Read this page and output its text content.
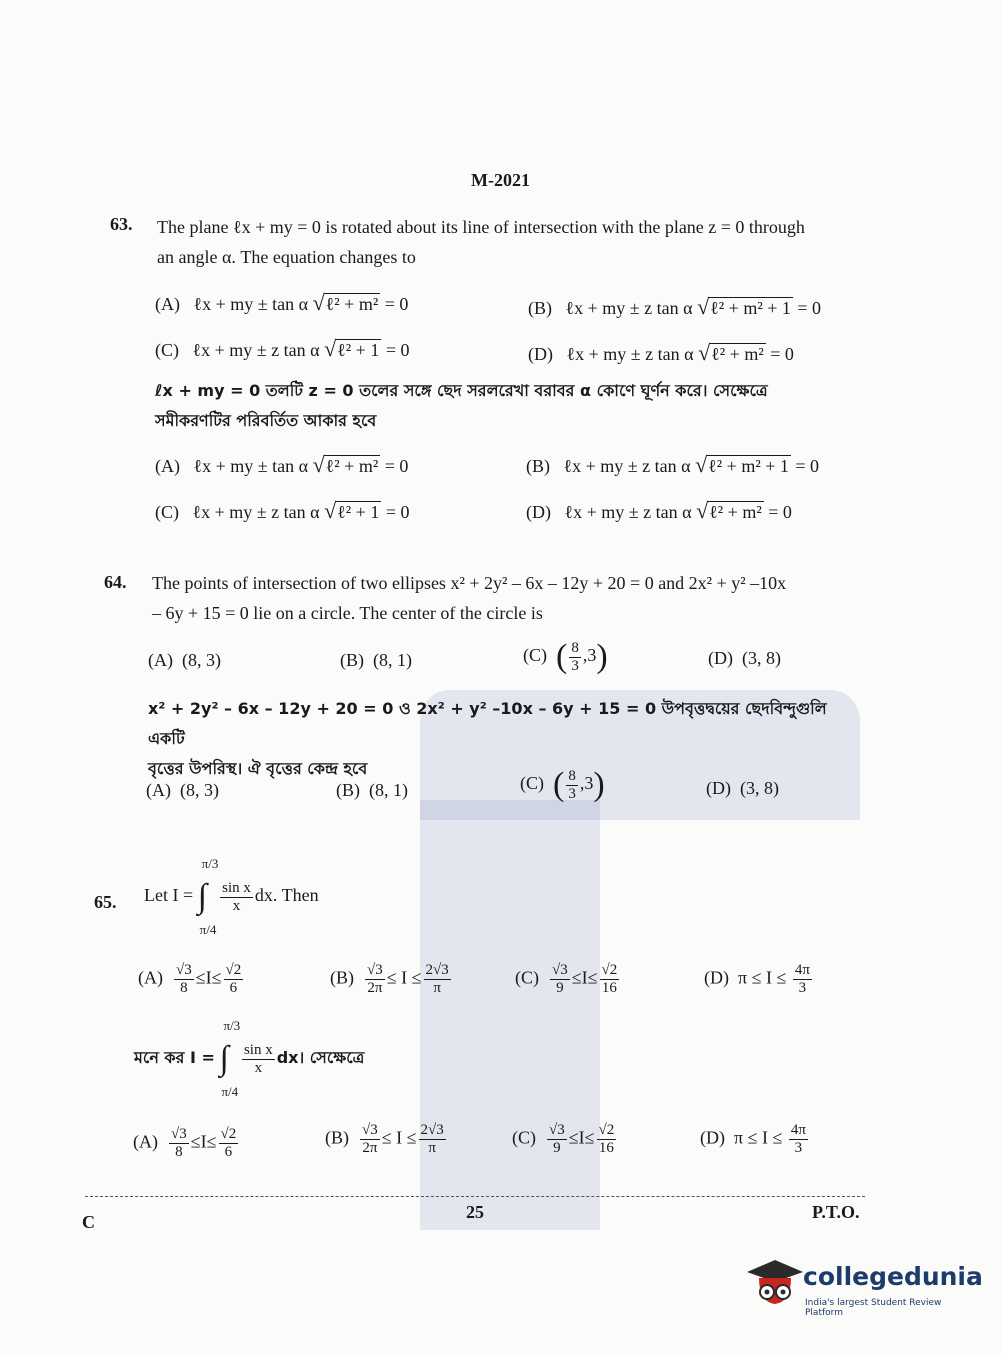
M-2021
63. The plane ℓx + my = 0 is rotated about its line of intersection with the plane z = 0 through
an angle α. The equation changes to
(A) ℓx + my ± tan α √ℓ² + m² = 0	(B) ℓx + my ± z tan α √ℓ² + m² + 1 = 0
(C) ℓx + my ± z tan α √ℓ² + 1 = 0	(D) ℓx + my ± z tan α √ℓ² + m² = 0
ℓx + my = 0 তলটি z = 0 তলের সঙ্গে ছেদ সরলরেখা বরাবর α কোণে ঘূর্ণন করে। সেক্ষেত্রে
সমীকরণটির পরিবর্তিত আকার হবে
(A) ℓx + my ± tan α √ℓ² + m² = 0	(B) ℓx + my ± z tan α √ℓ² + m² + 1 = 0
(C) ℓx + my ± z tan α √ℓ² + 1 = 0	(D) ℓx + my ± z tan α √ℓ² + m² = 0
64. The points of intersection of two ellipses x² + 2y² – 6x – 12y + 20 = 0 and 2x² + y² –10x
– 6y + 15 = 0 lie on a circle. The center of the circle is
(A) (8, 3)	(B) (8, 1)	(C) ( $\frac{8}{3} ,3$)	(D) (3, 8)
x² + 2y² – 6x – 12y + 20 = 0 ও 2x² + y² –10x – 6y + 15 = 0 উপবৃত্তদ্বয়ের ছেদবিন্দুগুলি একটি
বৃত্তের উপরিস্থ। ঐ বৃত্তের কেন্দ্র হবে
(A) (8, 3)	(B) (8, 1)	(C) ( $\frac{8}{3} ,3$)	(D) (3, 8)
65. Let I = ∫
π/3
π/4

$\frac{\text{sin x}}{x}$ dx. Then
$(A) \frac{√3}{8} \le I\le \frac{√2}{6}$	$(B) \frac{√3}{2\pi} \le I \le \frac{2√3}{\pi}$	$(C) \frac{√3}{9} \le I\le \frac{√2}{16}$	(D) $\pi \le I \le \frac{4\pi}{3}$
মনে কর I = ∫
π/3
π/4

$\frac{\text{sin x}}{x}$ dx। সেক্ষেত্রে
$(A) \frac{√3}{8} \le I\le \frac{√2}{6}$	$(B) \frac{√3}{2\pi} \le I \le \frac{2√3}{\pi}$	$(C) \frac{√3}{9} \le I\le \frac{√2}{16}$	(D) $\pi \le I \le \frac{4\pi}{3}$
C	25	P.T.O.
collegedunia
India's largest Student Review Platform
